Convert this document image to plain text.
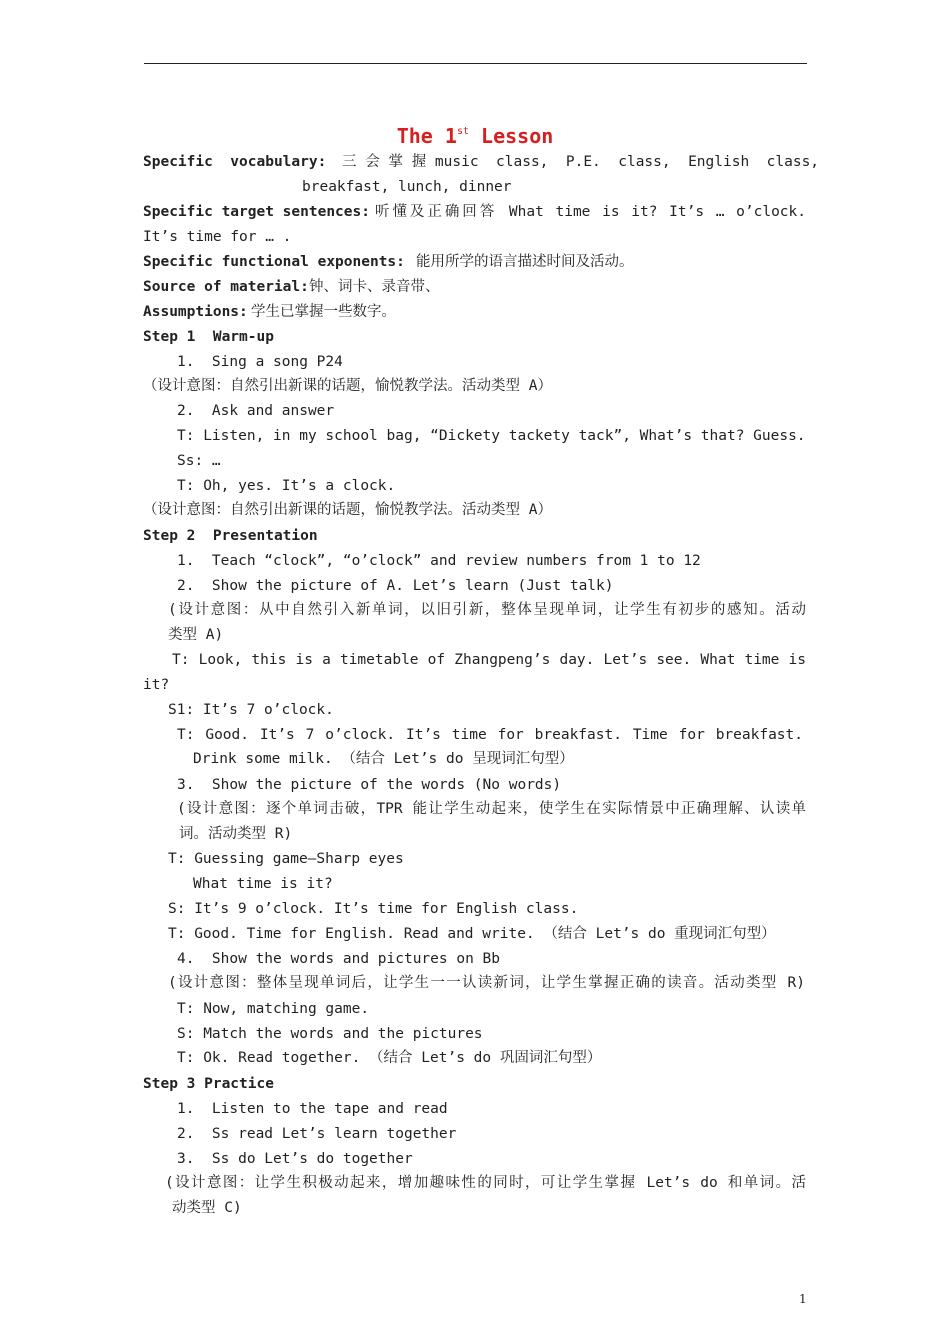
The 1st Lesson
Specific  vocabulary: 三 会 掌 握 music  class,  P.E.  class,  English  class,
breakfast, lunch, dinner
Specific target sentences: 听懂及正确回答 What time is it? It’s … o’clock.
It’s time for … .
Specific functional exponents: 能用所学的语言描述时间及活动。
Source of material: 钟、词卡、录音带、
Assumptions: 学生已掌握一些数字。
Step 1  Warm-up
1.  Sing a song P24
（设计意图：自然引出新课的话题，愉悦教学法。活动类型 A）
2.  Ask and answer
T: Listen, in my school bag, “Dickety tackety tack”, What’s that? Guess.
Ss: …
T: Oh, yes. It’s a clock.
（设计意图：自然引出新课的话题，愉悦教学法。活动类型 A）
Step 2  Presentation
1.  Teach “clock”, “o’clock” and review numbers from 1 to 12
2.  Show the picture of A. Let’s learn (Just talk)
(设计意图：从中自然引入新单词，以旧引新，整体呈现单词，让学生有初步的感知。活动
类型 A)
T: Look, this is a timetable of Zhangpeng’s day. Let’s see. What time is
it?
S1: It’s 7 o’clock.
T: Good. It’s 7 o’clock. It’s time for breakfast. Time for breakfast.
Drink some milk. （结合 Let’s do 呈现词汇句型）
3.  Show the picture of the words (No words)
(设计意图：逐个单词击破，TPR 能让学生动起来，使学生在实际情景中正确理解、认读单
词。活动类型 R)
T: Guessing game—Sharp eyes
What time is it?
S: It’s 9 o’clock. It’s time for English class.
T: Good. Time for English. Read and write. （结合 Let’s do 重现词汇句型）
4.  Show the words and pictures on Bb
(设计意图：整体呈现单词后，让学生一一认读新词，让学生掌握正确的读音。活动类型 R)
T: Now, matching game.
S: Match the words and the pictures
T: Ok. Read together. （结合 Let’s do 巩固词汇句型）
Step 3 Practice
1.  Listen to the tape and read
2.  Ss read Let’s learn together
3.  Ss do Let’s do together
(设计意图：让学生积极动起来，增加趣味性的同时，可让学生掌握 Let’s do 和单词。活
动类型 C)
1
